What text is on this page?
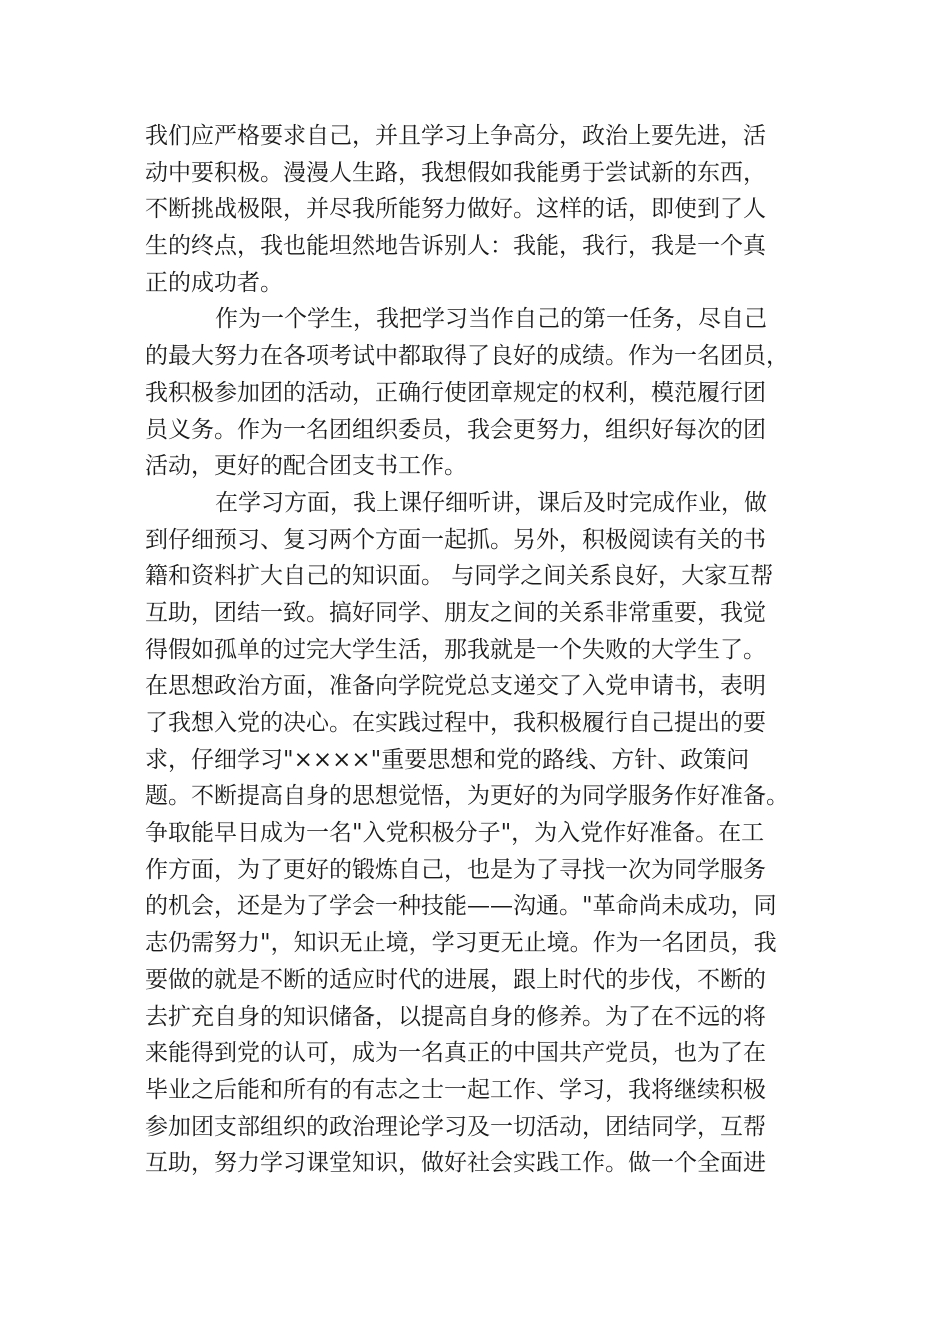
我们应严格要求自己，并且学习上争高分，政治上要先进，活
动中要积极。漫漫人生路，我想假如我能勇于尝试新的东西，
不断挑战极限，并尽我所能努力做好。这样的话，即使到了人
生的终点，我也能坦然地告诉别人：我能，我行，我是一个真
正的成功者。
作为一个学生，我把学习当作自己的第一任务，尽自己
的最大努力在各项考试中都取得了良好的成绩。作为一名团员，
我积极参加团的活动，正确行使团章规定的权利，模范履行团
员义务。作为一名团组织委员，我会更努力，组织好每次的团
活动，更好的配合团支书工作。
在学习方面，我上课仔细听讲，课后及时完成作业，做
到仔细预习、复习两个方面一起抓。另外，积极阅读有关的书
籍和资料扩大自己的知识面。 与同学之间关系良好，大家互帮
互助，团结一致。搞好同学、朋友之间的关系非常重要，我觉
得假如孤单的过完大学生活，那我就是一个失败的大学生了。
在思想政治方面，准备向学院党总支递交了入党申请书，表明
了我想入党的决心。在实践过程中，我积极履行自己提出的要
求，仔细学习"××××"重要思想和党的路线、方针、政策问
题。不断提高自身的思想觉悟，为更好的为同学服务作好准备。
争取能早日成为一名"入党积极分子"，为入党作好准备。在工
作方面，为了更好的锻炼自己，也是为了寻找一次为同学服务
的机会，还是为了学会一种技能——沟通。"革命尚未成功，同
志仍需努力"，知识无止境，学习更无止境。作为一名团员，我
要做的就是不断的适应时代的进展，跟上时代的步伐，不断的
去扩充自身的知识储备，以提高自身的修养。为了在不远的将
来能得到党的认可，成为一名真正的中国共产党员，也为了在
毕业之后能和所有的有志之士一起工作、学习，我将继续积极
参加团支部组织的政治理论学习及一切活动，团结同学，互帮
互助，努力学习课堂知识，做好社会实践工作。做一个全面进
